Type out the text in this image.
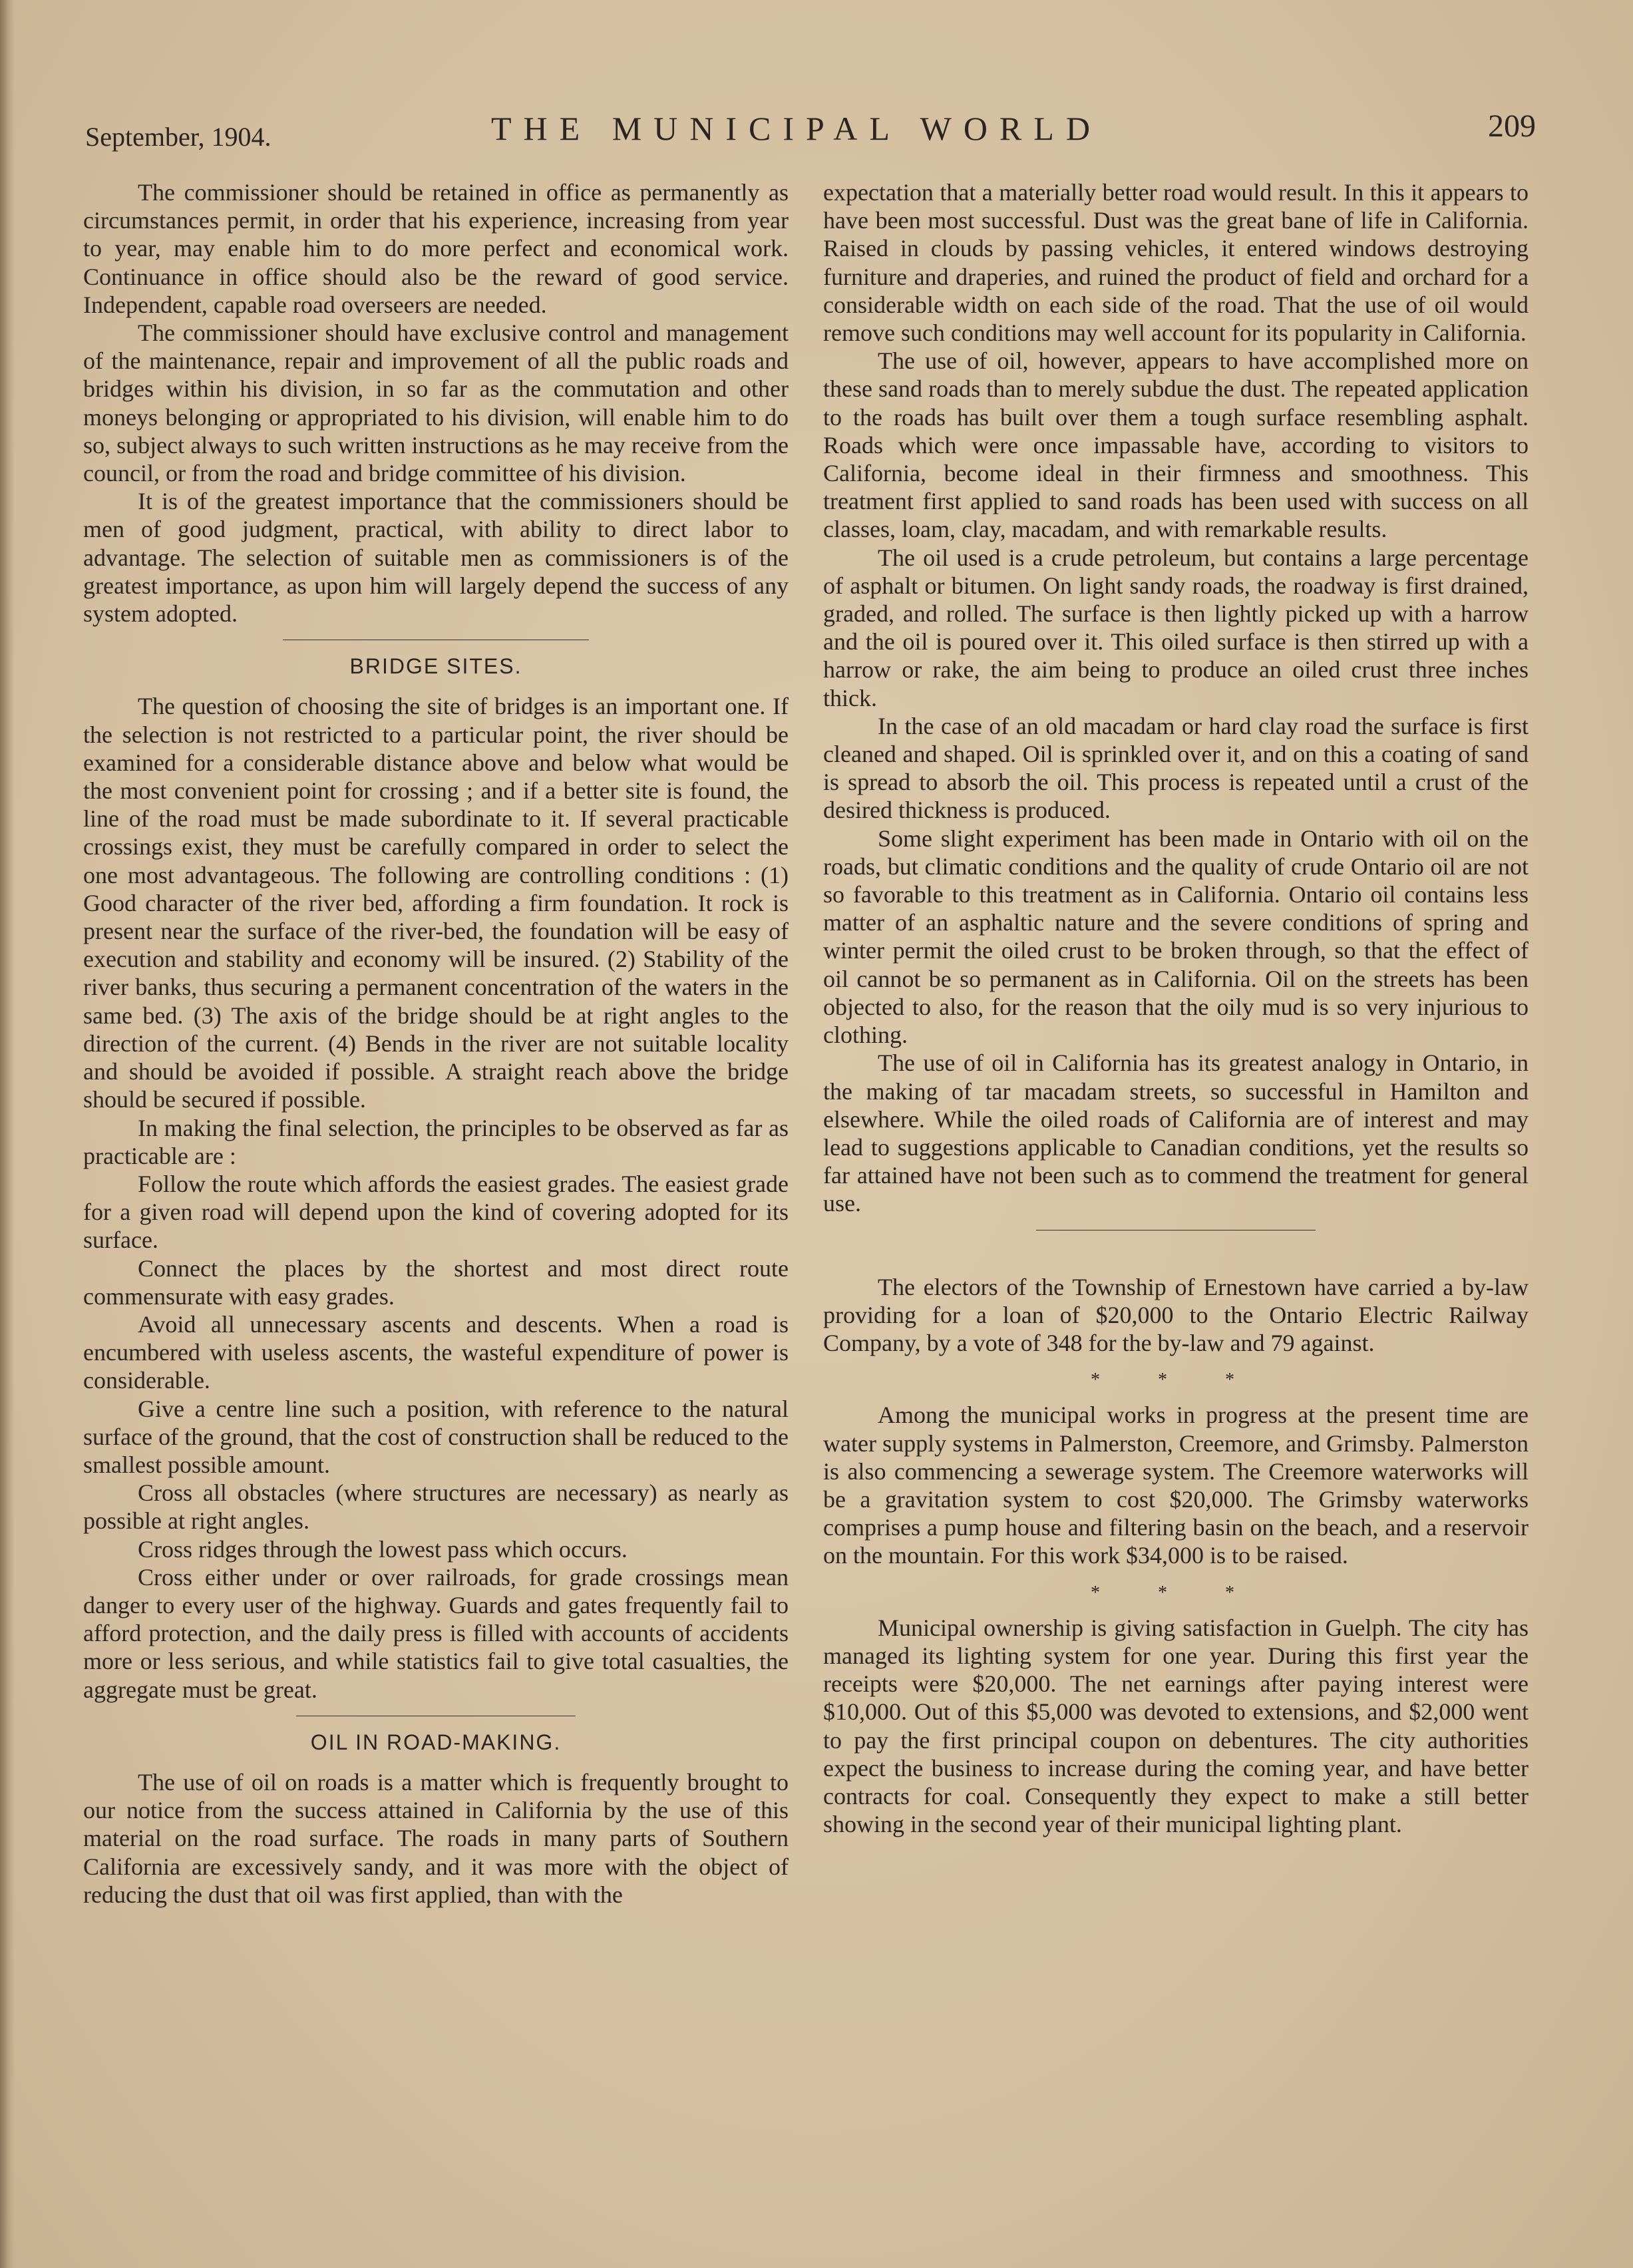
September, 1904.	THE MUNICIPAL WORLD	209

The commissioner should be retained in office as permanently as circumstances permit, in order that his experience, increasing from year to year, may enable him to do more perfect and economical work. Continuance in office should also be the reward of good service. Independent, capable road overseers are needed.

The commissioner should have exclusive control and management of the maintenance, repair and improvement of all the public roads and bridges within his division, in so far as the commutation and other moneys belonging or appropriated to his division, will enable him to do so, subject always to such written instructions as he may receive from the council, or from the road and bridge committee of his division.

It is of the greatest importance that the commissioners should be men of good judgment, practical, with ability to direct labor to advantage. The selection of suitable men as commissioners is of the greatest importance, as upon him will largely depend the success of any system adopted.

BRIDGE SITES.

The question of choosing the site of bridges is an important one. If the selection is not restricted to a particular point, the river should be examined for a considerable distance above and below what would be the most convenient point for crossing ; and if a better site is found, the line of the road must be made subordinate to it. If several practicable crossings exist, they must be carefully compared in order to select the one most advantageous. The following are controlling conditions : (1) Good character of the river bed, affording a firm foundation. It rock is present near the surface of the river-bed, the foundation will be easy of execution and stability and economy will be insured. (2) Stability of the river banks, thus securing a permanent concentration of the waters in the same bed. (3) The axis of the bridge should be at right angles to the direction of the current. (4) Bends in the river are not suitable locality and should be avoided if possible. A straight reach above the bridge should be secured if possible.

In making the final selection, the principles to be observed as far as practicable are :

Follow the route which affords the easiest grades. The easiest grade for a given road will depend upon the kind of covering adopted for its surface.

Connect the places by the shortest and most direct route commensurate with easy grades.

Avoid all unnecessary ascents and descents. When a road is encumbered with useless ascents, the wasteful expenditure of power is considerable.

Give a centre line such a position, with reference to the natural surface of the ground, that the cost of construction shall be reduced to the smallest possible amount.

Cross all obstacles (where structures are necessary) as nearly as possible at right angles.

Cross ridges through the lowest pass which occurs.

Cross either under or over railroads, for grade crossings mean danger to every user of the highway. Guards and gates frequently fail to afford protection, and the daily press is filled with accounts of accidents more or less serious, and while statistics fail to give total casualties, the aggregate must be great.

OIL IN ROAD-MAKING.

The use of oil on roads is a matter which is frequently brought to our notice from the success attained in California by the use of this material on the road surface. The roads in many parts of Southern California are excessively sandy, and it was more with the object of reducing the dust that oil was first applied, than with the

expectation that a materially better road would result. In this it appears to have been most successful. Dust was the great bane of life in California. Raised in clouds by passing vehicles, it entered windows destroying furniture and draperies, and ruined the product of field and orchard for a considerable width on each side of the road. That the use of oil would remove such conditions may well account for its popularity in California.

The use of oil, however, appears to have accomplished more on these sand roads than to merely subdue the dust. The repeated application to the roads has built over them a tough surface resembling asphalt. Roads which were once impassable have, according to visitors to California, become ideal in their firmness and smoothness. This treatment first applied to sand roads has been used with success on all classes, loam, clay, macadam, and with remarkable results.

The oil used is a crude petroleum, but contains a large percentage of asphalt or bitumen. On light sandy roads, the roadway is first drained, graded, and rolled. The surface is then lightly picked up with a harrow and the oil is poured over it. This oiled surface is then stirred up with a harrow or rake, the aim being to produce an oiled crust three inches thick.

In the case of an old macadam or hard clay road the surface is first cleaned and shaped. Oil is sprinkled over it, and on this a coating of sand is spread to absorb the oil. This process is repeated until a crust of the desired thickness is produced.

Some slight experiment has been made in Ontario with oil on the roads, but climatic conditions and the quality of crude Ontario oil are not so favorable to this treatment as in California. Ontario oil contains less matter of an asphaltic nature and the severe conditions of spring and winter permit the oiled crust to be broken through, so that the effect of oil cannot be so permanent as in California. Oil on the streets has been objected to also, for the reason that the oily mud is so very injurious to clothing.

The use of oil in California has its greatest analogy in Ontario, in the making of tar macadam streets, so successful in Hamilton and elsewhere. While the oiled roads of California are of interest and may lead to suggestions applicable to Canadian conditions, yet the results so far attained have not been such as to commend the treatment for general use.

The electors of the Township of Ernestown have carried a by-law providing for a loan of $20,000 to the Ontario Electric Railway Company, by a vote of 348 for the by-law and 79 against.

* * *

Among the municipal works in progress at the present time are water supply systems in Palmerston, Creemore, and Grimsby. Palmerston is also commencing a sewerage system. The Creemore waterworks will be a gravitation system to cost $20,000. The Grimsby waterworks comprises a pump house and filtering basin on the beach, and a reservoir on the mountain. For this work $34,000 is to be raised.

* * *

Municipal ownership is giving satisfaction in Guelph. The city has managed its lighting system for one year. During this first year the receipts were $20,000. The net earnings after paying interest were $10,000. Out of this $5,000 was devoted to extensions, and $2,000 went to pay the first principal coupon on debentures. The city authorities expect the business to increase during the coming year, and have better contracts for coal. Consequently they expect to make a still better showing in the second year of their municipal lighting plant.
